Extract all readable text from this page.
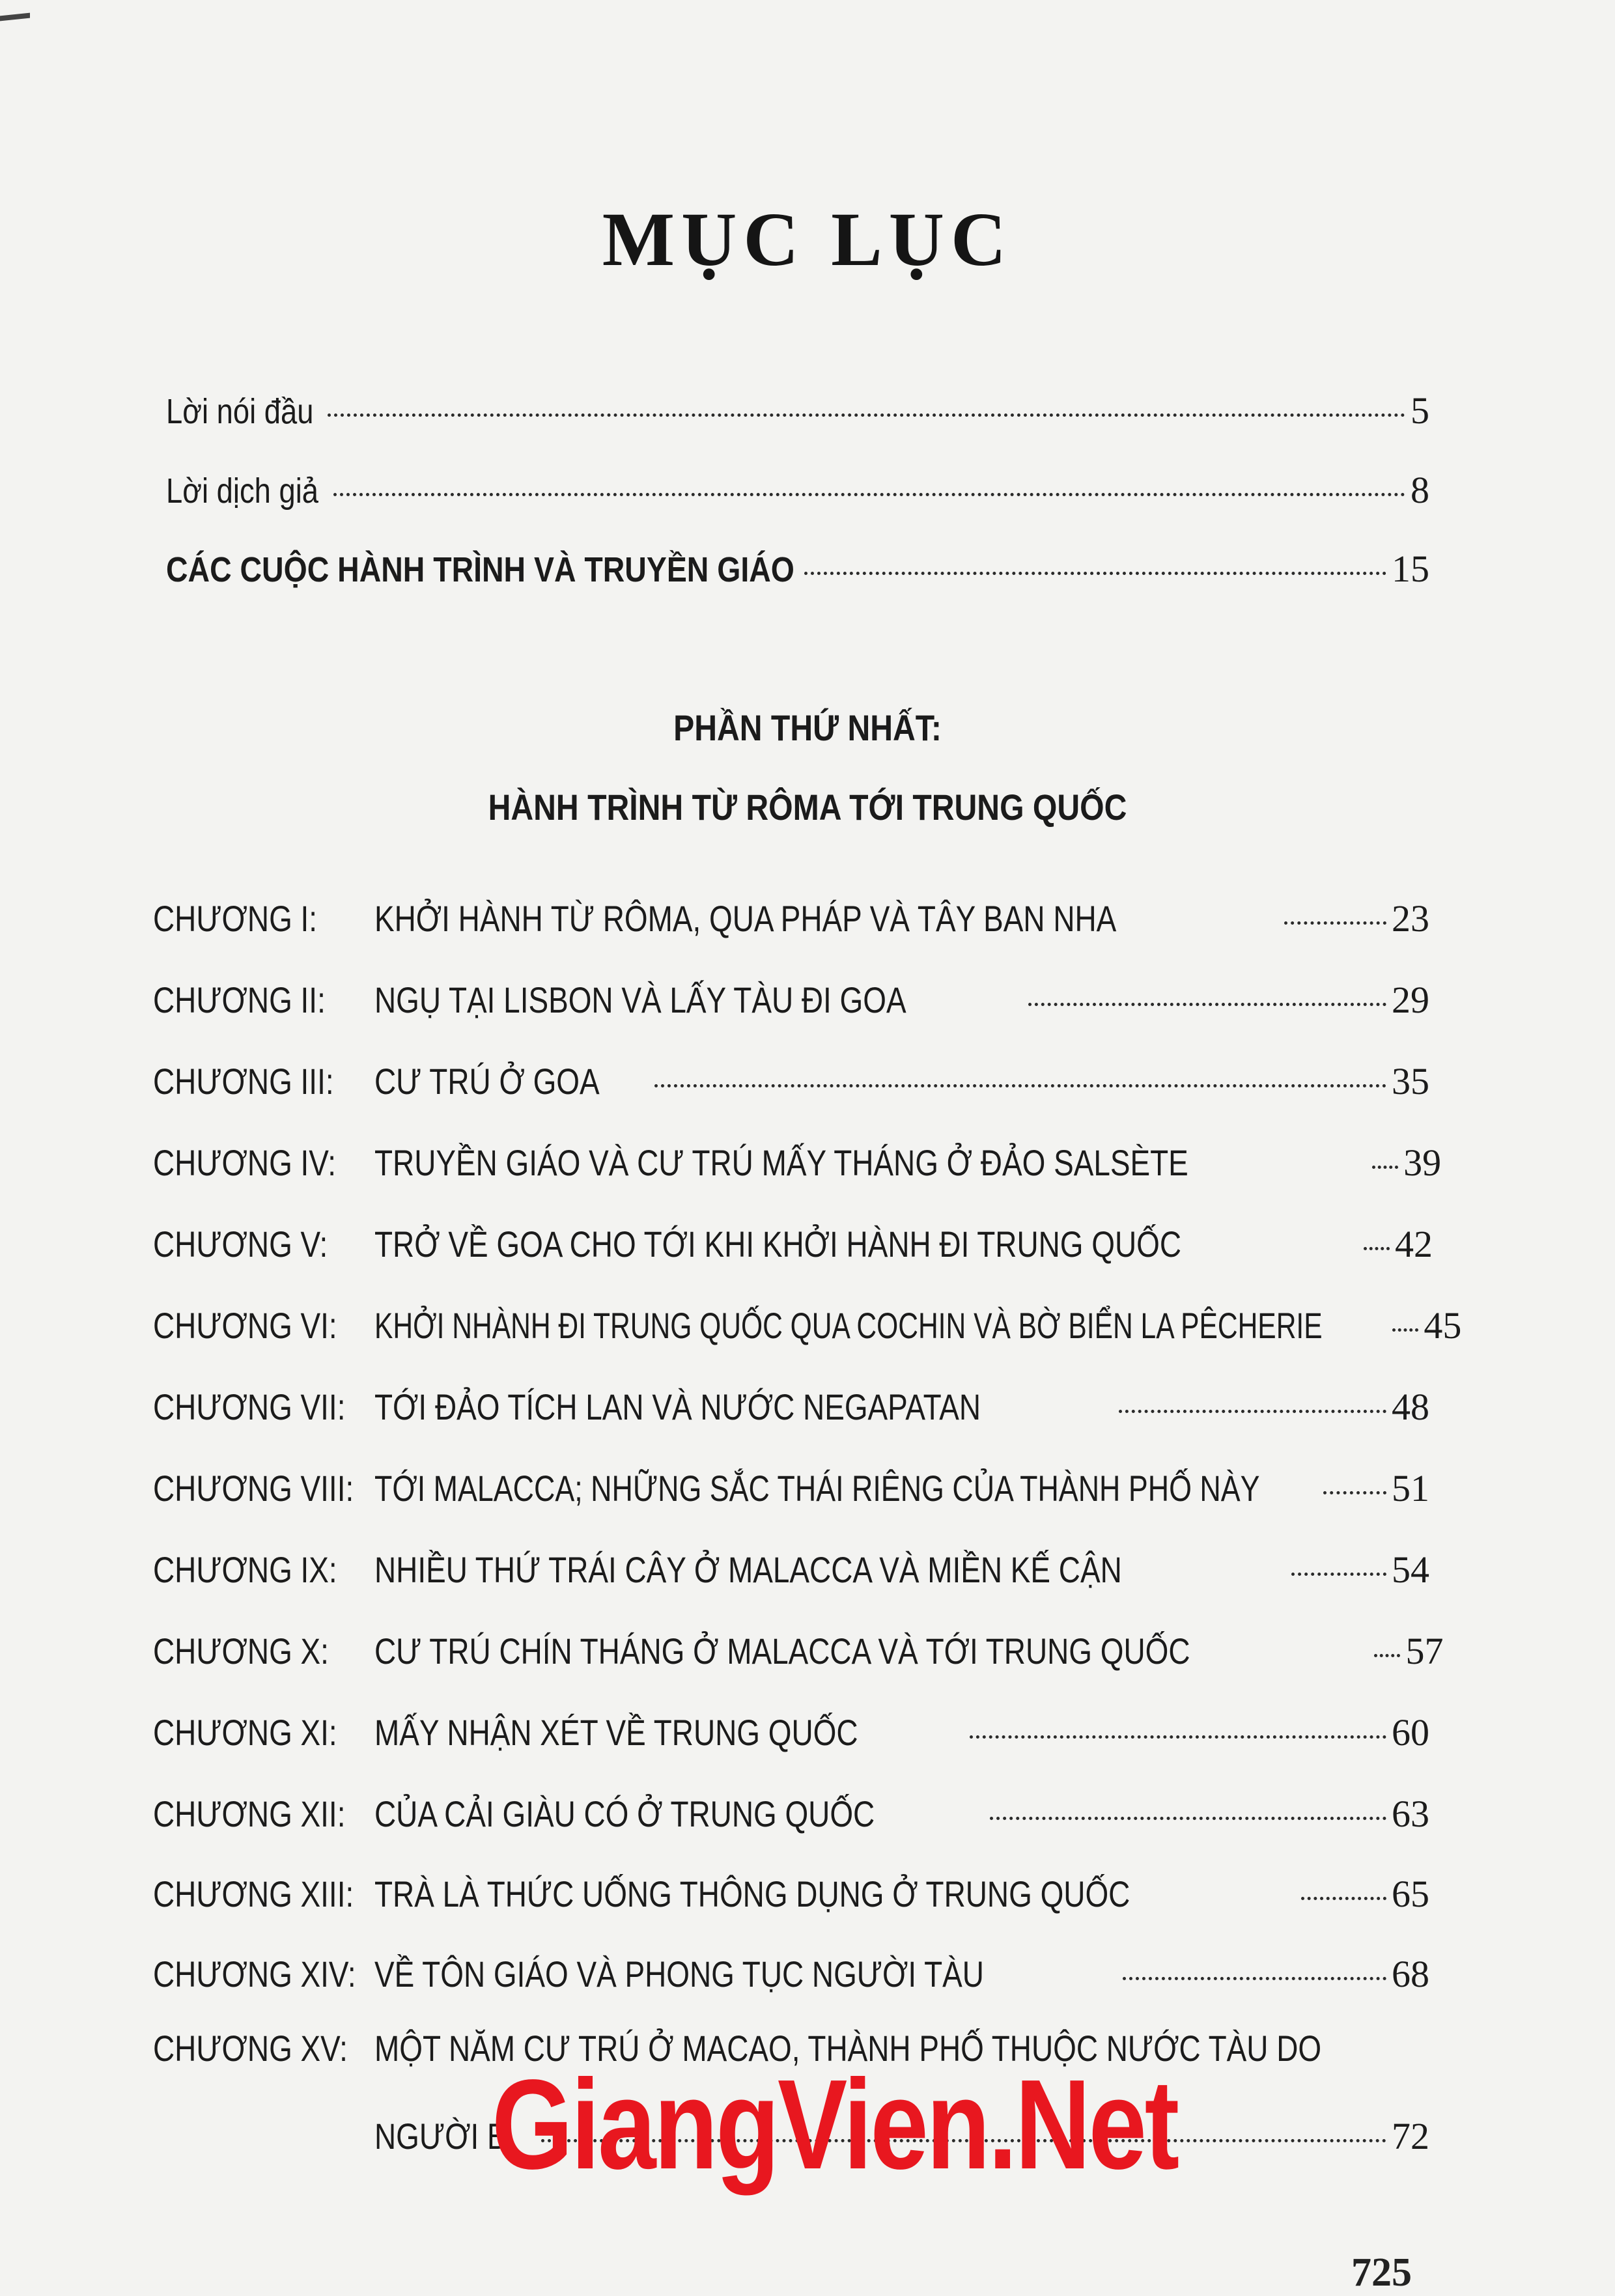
MỤC LỤC
Lời nói đầu	5
Lời dịch giả	8
CÁC CUỘC HÀNH TRÌNH VÀ TRUYỀN GIÁO	15
PHẦN THỨ NHẤT:
HÀNH TRÌNH TỪ RÔMA TỚI TRUNG QUỐC
CHƯƠNG I: KHỞI HÀNH TỪ RÔMA, QUA PHÁP VÀ TÂY BAN NHA	23
CHƯƠNG II: NGỤ TẠI LISBON VÀ LẤY TÀU ĐI GOA	29
CHƯƠNG III: CƯ TRÚ Ở GOA	35
CHƯƠNG IV: TRUYỀN GIÁO VÀ CƯ TRÚ MẤY THÁNG Ở ĐẢO SALSÈTE	39
CHƯƠNG V: TRỞ VỀ GOA CHO TỚI KHI KHỞI HÀNH ĐI TRUNG QUỐC	42
CHƯƠNG VI: KHỞI NHÀNH ĐI TRUNG QUỐC QUA COCHIN VÀ BỜ BIỂN LA PÊCHERIE	45
CHƯƠNG VII: TỚI ĐẢO TÍCH LAN VÀ NƯỚC NEGAPATAN	48
CHƯƠNG VIII: TỚI MALACCA; NHỮNG SẮC THÁI RIÊNG CỦA THÀNH PHỐ NÀY	51
CHƯƠNG IX: NHIỀU THỨ TRÁI CÂY Ở MALACCA VÀ MIỀN KẾ CẬN	54
CHƯƠNG X: CƯ TRÚ CHÍN THÁNG Ở MALACCA VÀ TỚI TRUNG QUỐC	57
CHƯƠNG XI: MẤY NHẬN XÉT VỀ TRUNG QUỐC	60
CHƯƠNG XII: CỦA CẢI GIÀU CÓ Ở TRUNG QUỐC	63
CHƯƠNG XIII: TRÀ LÀ THỨC UỐNG THÔNG DỤNG Ở TRUNG QUỐC	65
CHƯƠNG XIV: VỀ TÔN GIÁO VÀ PHONG TỤC NGƯỜI TÀU	68
CHƯƠNG XV: MỘT NĂM CƯ TRÚ Ở MACAO, THÀNH PHỐ THUỘC NƯỚC TÀU DO
NGƯỜI B	72
GiangVien.Net
725
